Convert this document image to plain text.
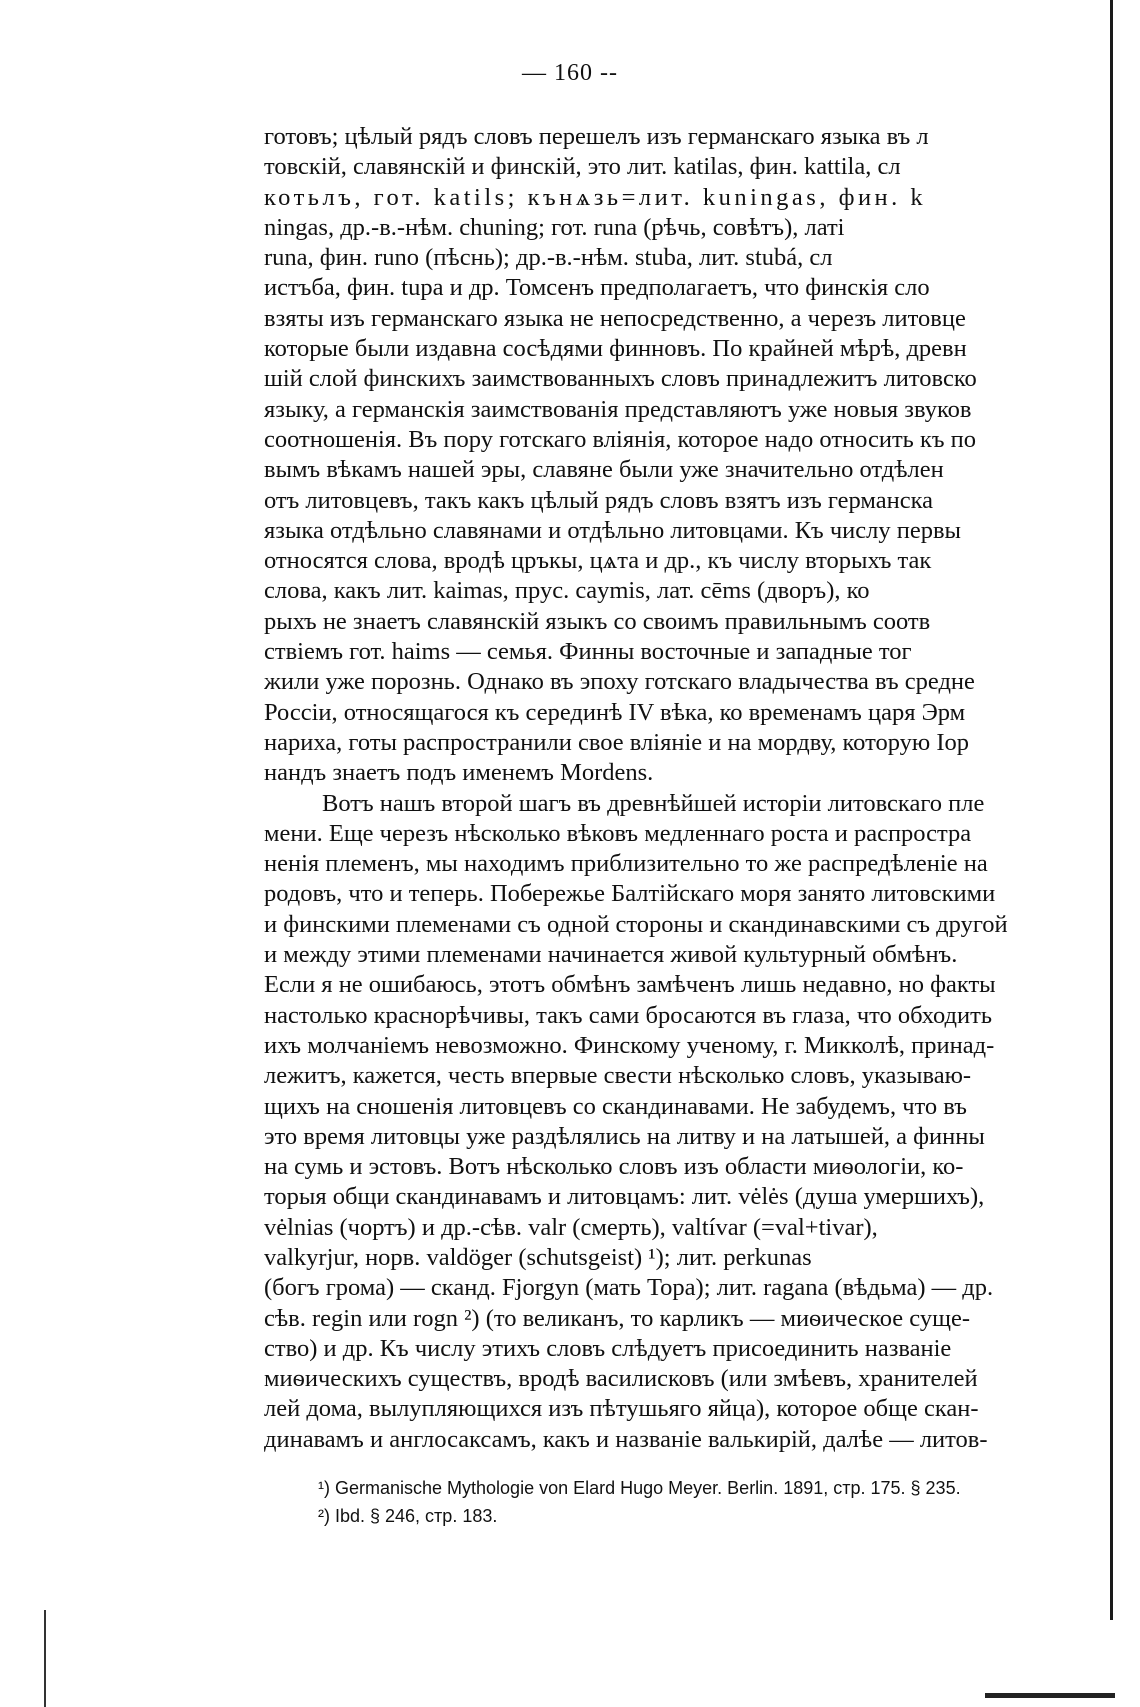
— 160 --
готовъ; цѣлый рядъ словъ перешелъ изъ германскаго языка въ л
товскій, славянскій и финскій, это лит. katilas, фин. kattila, сл
котьлъ, гот. katils; кънѧзь=лит. kuningas, фин. k
ningas, др.-в.-нѣм. chuning; гот. runa (рѣчь, совѣтъ), латі
runa, фин. runo (пѣснь); др.-в.-нѣм. stuba, лит. stubá, сл
истъба, фин. tupa и др. Томсенъ предполагаетъ, что финскія сло
взяты изъ германскаго языка не непосредственно, а черезъ литовце
которые были издавна сосѣдями финновъ. По крайней мѣрѣ, древн
шій слой финскихъ заимствованныхъ словъ принадлежитъ литовско
языку, а германскія заимствованія представляютъ уже новыя звуков
соотношенія. Въ пору готскаго вліянія, которое надо относить къ по
вымъ вѣкамъ нашей эры, славяне были уже значительно отдѣлен
отъ литовцевъ, такъ какъ цѣлый рядъ словъ взятъ изъ германска
языка отдѣльно славянами и отдѣльно литовцами. Къ числу первы
относятся слова, вродѣ цръкы, цѧта и др., къ числу вторыхъ так
слова, какъ лит. kaimas, прус. caymis, лат. cēms (дворъ), ко
рыхъ не знаетъ славянскій языкъ со своимъ правильнымъ соотв
ствіемъ гот. haims — семья. Финны восточные и западные тог
жили уже порознь. Однако въ эпоху готскаго владычества въ средне
Россіи, относящагося къ серединѣ IV вѣка, ко временамъ царя Эрм
нариха, готы распространили свое вліяніе и на мордву, которую Іор
нандъ знаетъ подъ именемъ Mordens.
Вотъ нашъ второй шагъ въ древнѣйшей исторіи литовскаго пле
мени. Еще черезъ нѣсколько вѣковъ медленнаго роста и распростра
ненія племенъ, мы находимъ приблизительно то же распредѣленіе на
родовъ, что и теперь. Побережье Балтійскаго моря занято литовскими
и финскими племенами съ одной стороны и скандинавскими съ другой
и между этими племенами начинается живой культурный обмѣнъ.
Если я не ошибаюсь, этотъ обмѣнъ замѣченъ лишь недавно, но факты
настолько краснорѣчивы, такъ сами бросаются въ глаза, что обходить
ихъ молчаніемъ невозможно. Финскому ученому, г. Микколѣ, принад-
лежитъ, кажется, честь впервые свести нѣсколько словъ, указываю-
щихъ на сношенія литовцевъ со скандинавами. Не забудемъ, что въ
это время литовцы уже раздѣлялись на литву и на латышей, а финны
на сумь и эстовъ. Вотъ нѣсколько словъ изъ области миѳологіи, ко-
торыя общи скандинавамъ и литовцамъ: лит. vėlės (душа умершихъ),
vėlnias (чортъ) и др.-сѣв. valr (смерть), valtívar (=val+tivar),
valkyrjur, норв. valdöger (schutsgeist) ¹); лит. perkunas
(богъ грома) — сканд. Fjorgyn (мать Тора); лит. ragana (вѣдьма) — др.
сѣв. regin или rogn ²) (то великанъ, то карликъ — миѳическое суще-
ство) и др. Къ числу этихъ словъ слѣдуетъ присоединить названіе
миѳическихъ существъ, вродѣ василисковъ (или змѣевъ, хранителей
лей дома, вылупляющихся изъ пѣтушьяго яйца), которое обще скан-
динавамъ и англосаксамъ, какъ и названіе валькирій, далѣе — литов-
¹) Germanische Mythologie von Elard Hugo Meyer. Berlin. 1891, стр. 175. § 235.
²) Ibd. § 246, стр. 183.
